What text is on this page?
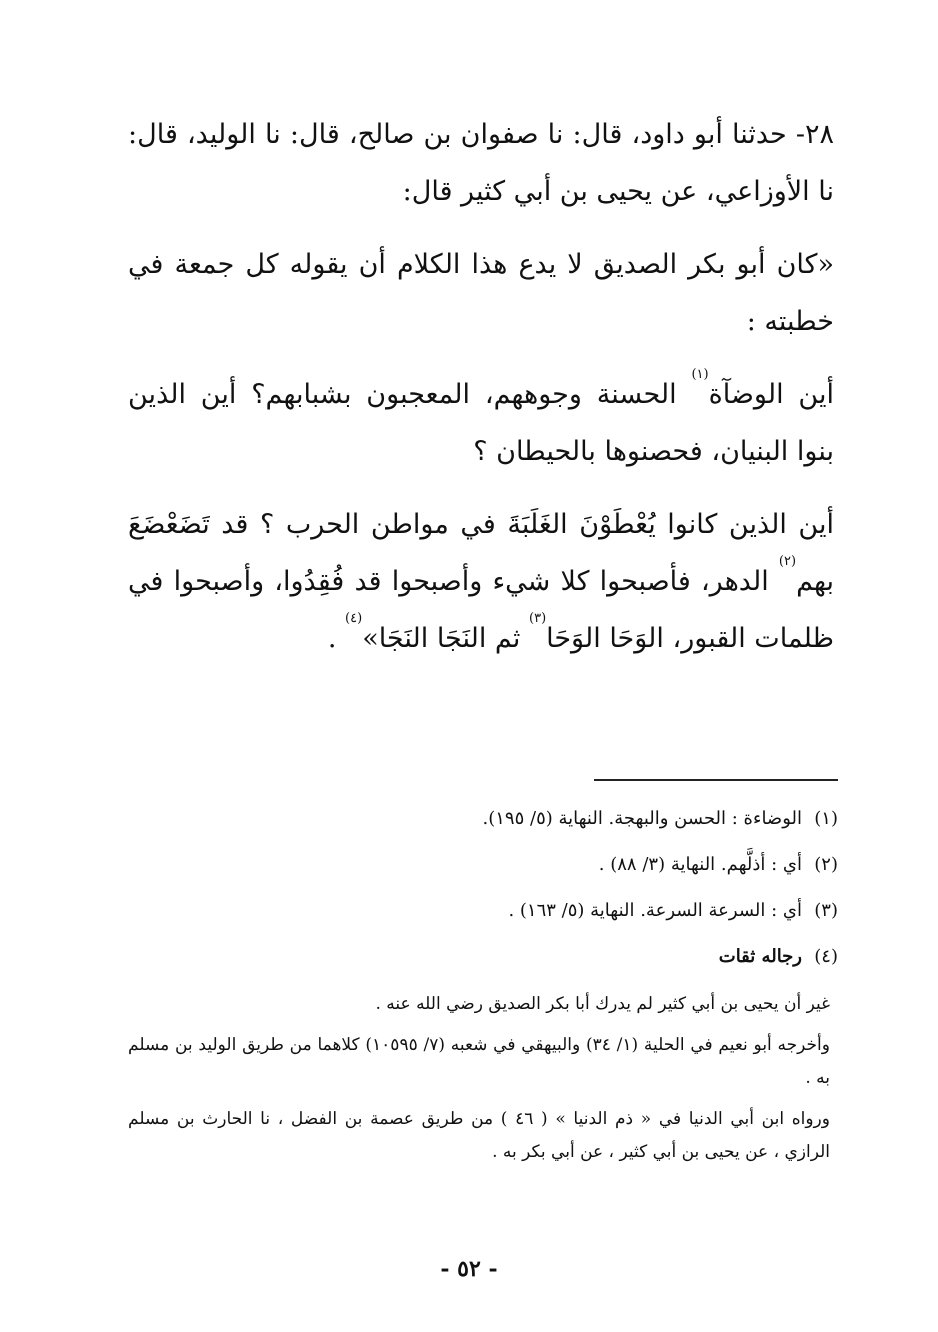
٢٨- حدثنا أبو داود، قال: نا صفوان بن صالح، قال: نا الوليد، قال: نا الأوزاعي، عن يحيى بن أبي كثير قال:

«كان أبو بكر الصديق لا يدع هذا الكلام أن يقوله كل جمعة في خطبته :

أين الوضآة$^{(١)}$ الحسنة وجوههم، المعجبون بشبابهم؟ أين الذين بنوا البنيان، فحصنوها بالحيطان ؟

أين الذين كانوا يُعْطَوْنَ الغَلَبَةَ في مواطن الحرب ؟ قد تَضَعْضَعَ بهم$^{(٢)}$ الدهر، فأصبحوا كلا شيء وأصبحوا قد فُقِدُوا، وأصبحوا في ظلمات القبور، الوَحَا الوَحَا$^{(٣)}$ ثم النَجَا النَجَا»$^{(٤)}$ .

(١)
الوضاءة : الحسن والبهجة. النهاية (٥/ ١٩٥).
(٢)
أي : أذلَّهم. النهاية (٣/ ٨٨) .
(٣)
أي : السرعة السرعة. النهاية (٥/ ١٦٣) .
(٤)
رجاله ثقات

غير أن يحيى بن أبي كثير لم يدرك أبا بكر الصديق رضي الله عنه .

وأخرجه أبو نعيم في الحلية (١/ ٣٤) والبيهقي في شعبه (٧/ ١٠٥٩٥) كلاهما من طريق الوليد بن مسلم به .

ورواه ابن أبي الدنيا في « ذم الدنيا » ( ٤٦ ) من طريق عصمة بن الفضل ، نا الحارث بن مسلم الرازي ، عن يحيى بن أبي كثير ، عن أبي بكر به .

- ٥٢ -
